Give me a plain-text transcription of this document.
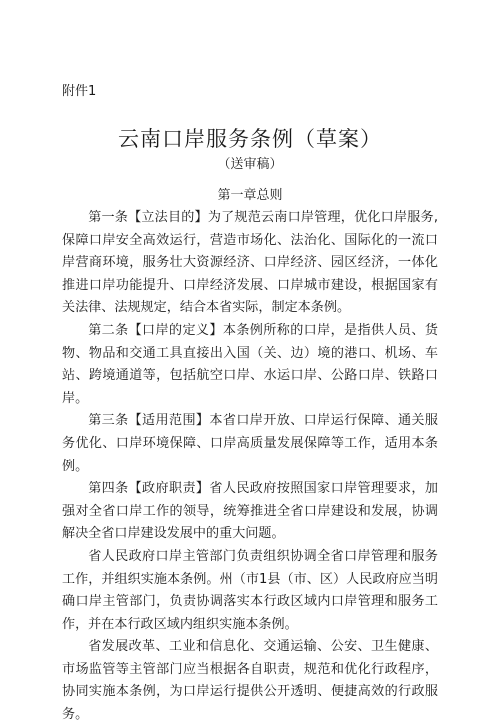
附件1
云南口岸服务条例（草案）
（送审稿）
第一章总则

第一条【立法目的】为了规范云南口岸管理，优化口岸服务,保障口岸安全高效运行，营造市场化、法治化、国际化的一流口岸营商环境，服务壮大资源经济、口岸经济、园区经济，一体化推进口岸功能提升、口岸经济发展、口岸城市建设，根据国家有关法律、法规规定，结合本省实际，制定本条例。

第二条【口岸的定义】本条例所称的口岸，是指供人员、货物、物品和交通工具直接出入国（关、边）境的港口、机场、车站、跨境通道等，包括航空口岸、水运口岸、公路口岸、铁路口岸。

第三条【适用范围】本省口岸开放、口岸运行保障、通关服务优化、口岸环境保障、口岸高质量发展保障等工作，适用本条例。

第四条【政府职责】省人民政府按照国家口岸管理要求，加强对全省口岸工作的领导，统筹推进全省口岸建设和发展，协调解决全省口岸建设发展中的重大问题。

省人民政府口岸主管部门负责组织协调全省口岸管理和服务工作，并组织实施本条例。州（市1县（市、区）人民政府应当明确口岸主管部门，负责协调落实本行政区域内口岸管理和服务工作，并在本行政区域内组织实施本条例。

省发展改革、工业和信息化、交通运输、公安、卫生健康、市场监管等主管部门应当根据各自职责，规范和优化行政程序，协同实施本条例，为口岸运行提供公开透明、便捷高效的行政服务。
